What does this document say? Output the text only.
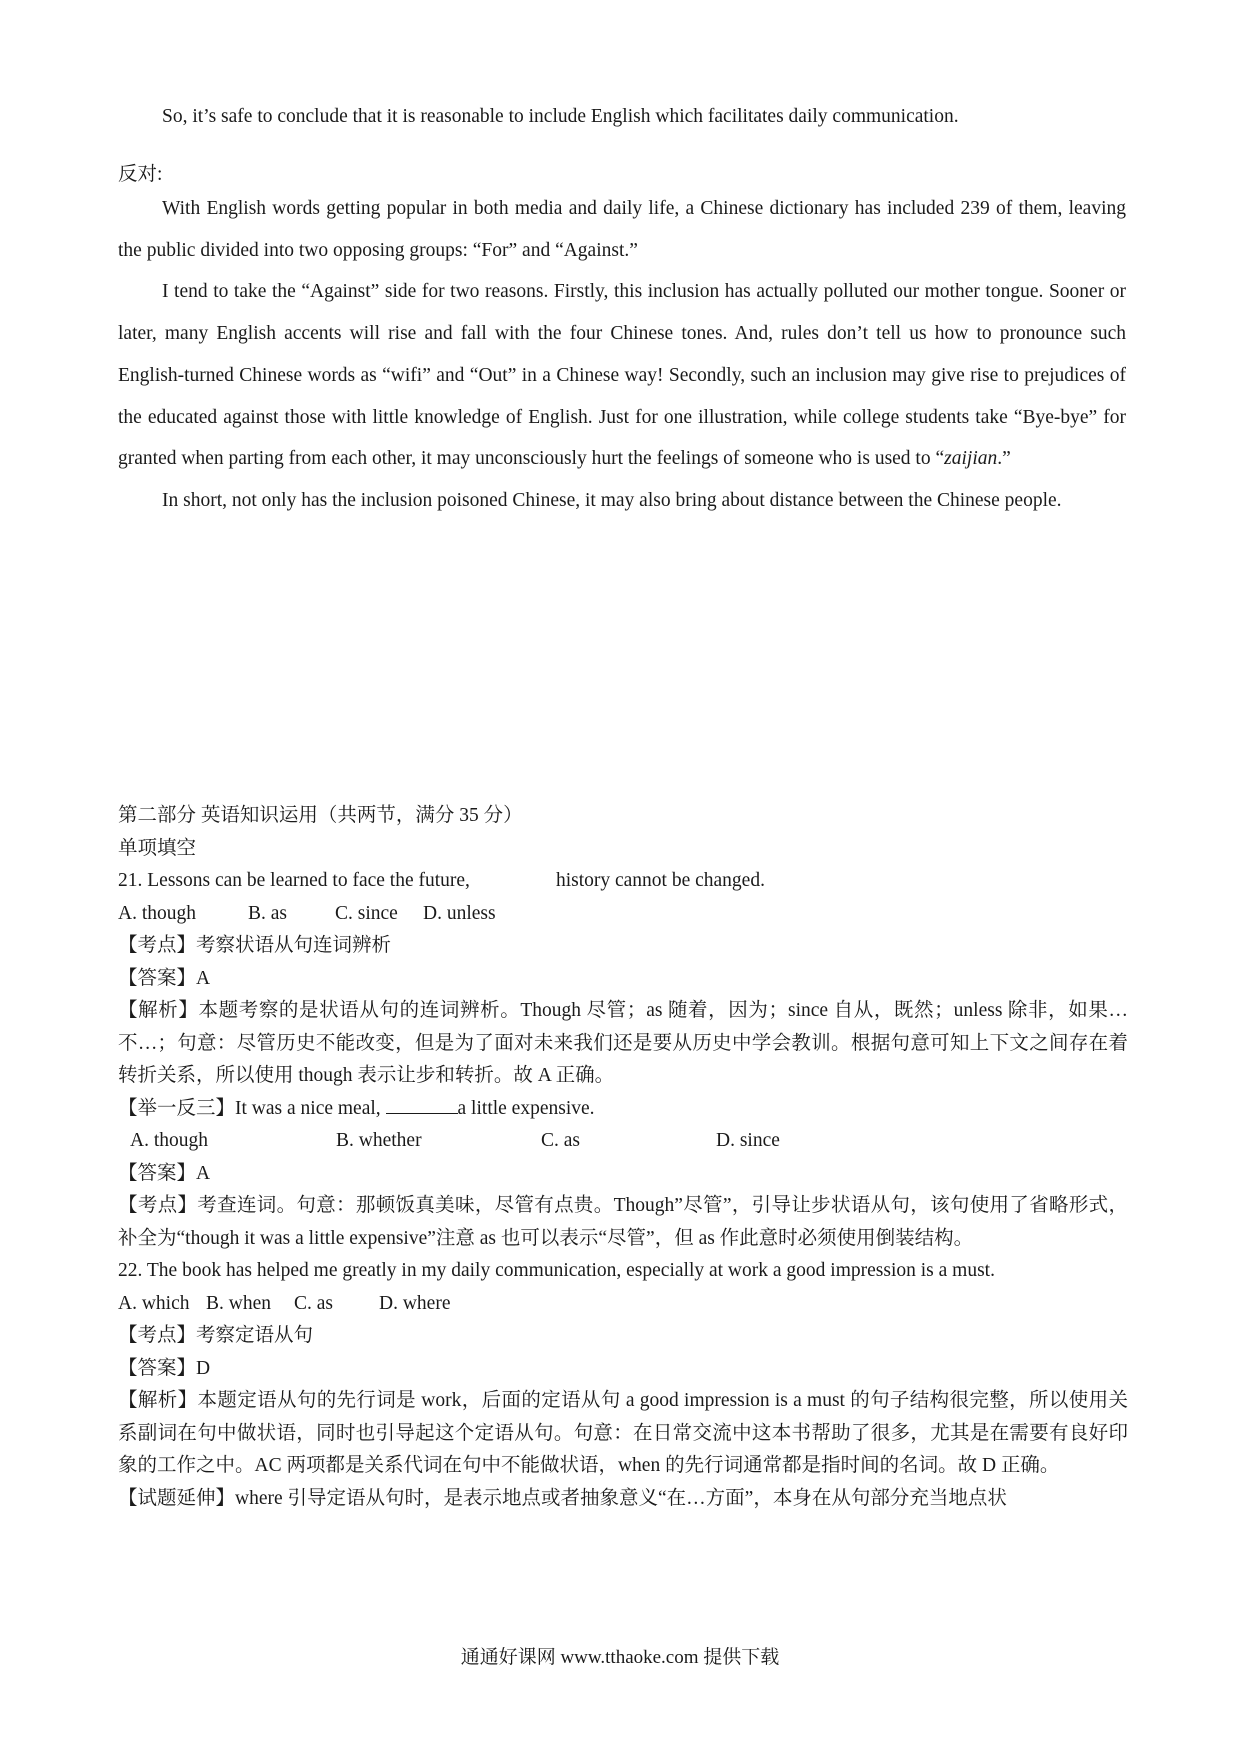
So, it’s safe to conclude that it is reasonable to include English which facilitates daily communication.

反对:

With English words getting popular in both media and daily life, a Chinese dictionary has included 239 of them, leaving the public divided into two opposing groups: “For” and “Against.”

I tend to take the “Against” side for two reasons. Firstly, this inclusion has actually polluted our mother tongue. Sooner or later, many English accents will rise and fall with the four Chinese tones. And, rules don’t tell us how to pronounce such English-turned Chinese words as “wifi” and “Out” in a Chinese way! Secondly, such an inclusion may give rise to prejudices of the educated against those with little knowledge of English. Just for one illustration, while college students take “Bye-bye” for granted when parting from each other, it may unconsciously hurt the feelings of someone who is used to “zaijian.”

In short, not only has the inclusion poisoned Chinese, it may also bring about distance between the Chinese people.

第二部分 英语知识运用（共两节，满分 35 分）
单项填空
21. Lessons can be learned to face the future,	history cannot be changed.
A. though	B. as C. since D. unless
【考点】考察状语从句连词辨析
【答案】A
【解析】本题考察的是状语从句的连词辨析。Though 尽管；as 随着，因为；since 自从，既然；unless 除非，如果…不…；句意：尽管历史不能改变，但是为了面对未来我们还是要从历史中学会教训。根据句意可知上下文之间存在着转折关系，所以使用 though 表示让步和转折。故 A 正确。
【举一反三】It was a nice meal,	a little expensive.
A. though	B. whether	C. as	D. since
【答案】A
【考点】考查连词。句意：那顿饭真美味，尽管有点贵。Though”尽管”，引导让步状语从句，该句使用了省略形式，补全为“though it was a little expensive”注意 as 也可以表示“尽管”，但 as 作此意时必须使用倒装结构。
22. The book has helped me greatly in my daily communication, especially at work a good impression is a must.
A. which B. when C. as D. where
【考点】考察定语从句
【答案】D
【解析】本题定语从句的先行词是 work，后面的定语从句 a good impression is a must 的句子结构很完整，所以使用关系副词在句中做状语，同时也引导起这个定语从句。句意：在日常交流中这本书帮助了很多，尤其是在需要有良好印象的工作之中。AC 两项都是关系代词在句中不能做状语，when 的先行词通常都是指时间的名词。故 D 正确。
【试题延伸】where 引导定语从句时，是表示地点或者抽象意义“在…方面”，本身在从句部分充当地点状
通通好课网 www.tthaoke.com 提供下载
